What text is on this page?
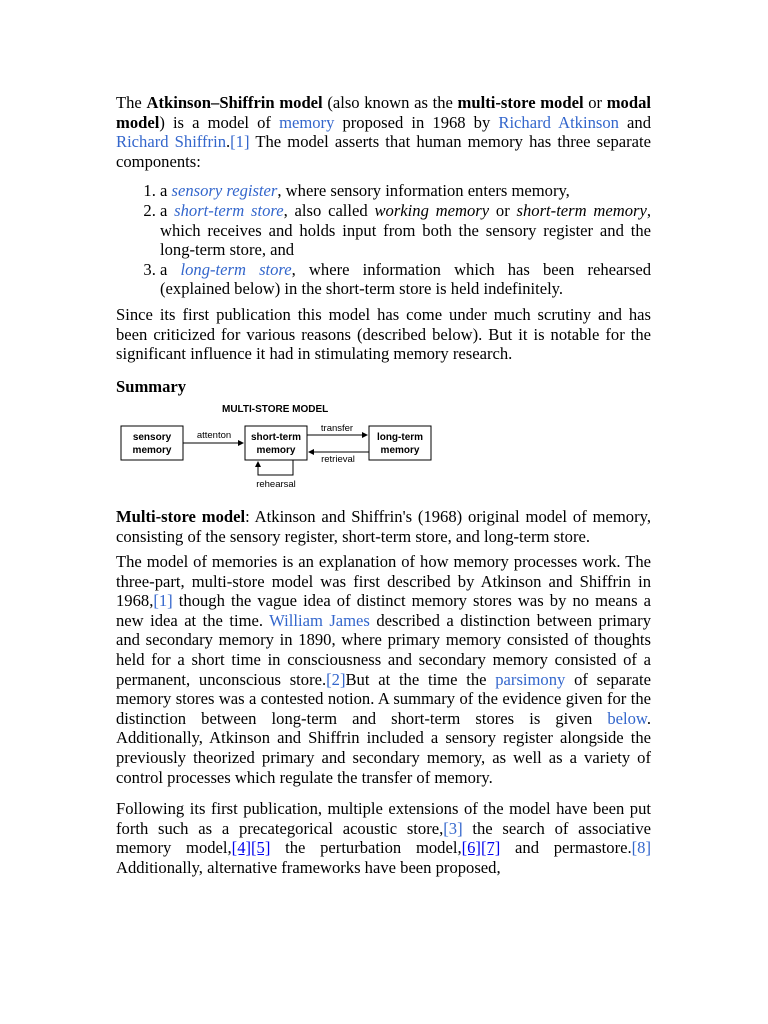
The Atkinson–Shiffrin model (also known as the multi-store model or modal model) is a model of memory proposed in 1968 by Richard Atkinson and Richard Shiffrin.[1] The model asserts that human memory has three separate components:

1. a sensory register, where sensory information enters memory,
2. a short-term store, also called working memory or short-term memory, which receives and holds input from both the sensory register and the long-term store, and
3. a long-term store, where information which has been rehearsed (explained below) in the short-term store is held indefinitely.

Since its first publication this model has come under much scrutiny and has been criticized for various reasons (described below). But it is notable for the significant influence it had in stimulating memory research.

Summary
MULTI-STORE MODEL
sensory
memory
short-term
memory
long-term
memory
attenton
transfer
retrieval
rehearsal

Multi-store model: Atkinson and Shiffrin's (1968) original model of memory, consisting of the sensory register, short-term store, and long-term store.

The model of memories is an explanation of how memory processes work. The three-part, multi-store model was first described by Atkinson and Shiffrin in 1968,[1] though the vague idea of distinct memory stores was by no means a new idea at the time. William James described a distinction between primary and secondary memory in 1890, where primary memory consisted of thoughts held for a short time in consciousness and secondary memory consisted of a permanent, unconscious store.[2]But at the time the parsimony of separate memory stores was a contested notion. A summary of the evidence given for the distinction between long-term and short-term stores is given below. Additionally, Atkinson and Shiffrin included a sensory register alongside the previously theorized primary and secondary memory, as well as a variety of control processes which regulate the transfer of memory.

Following its first publication, multiple extensions of the model have been put forth such as a precategorical acoustic store,[3] the search of associative memory model,[4][5] the perturbation model,[6][7] and permastore.[8] Additionally, alternative frameworks have been proposed,
